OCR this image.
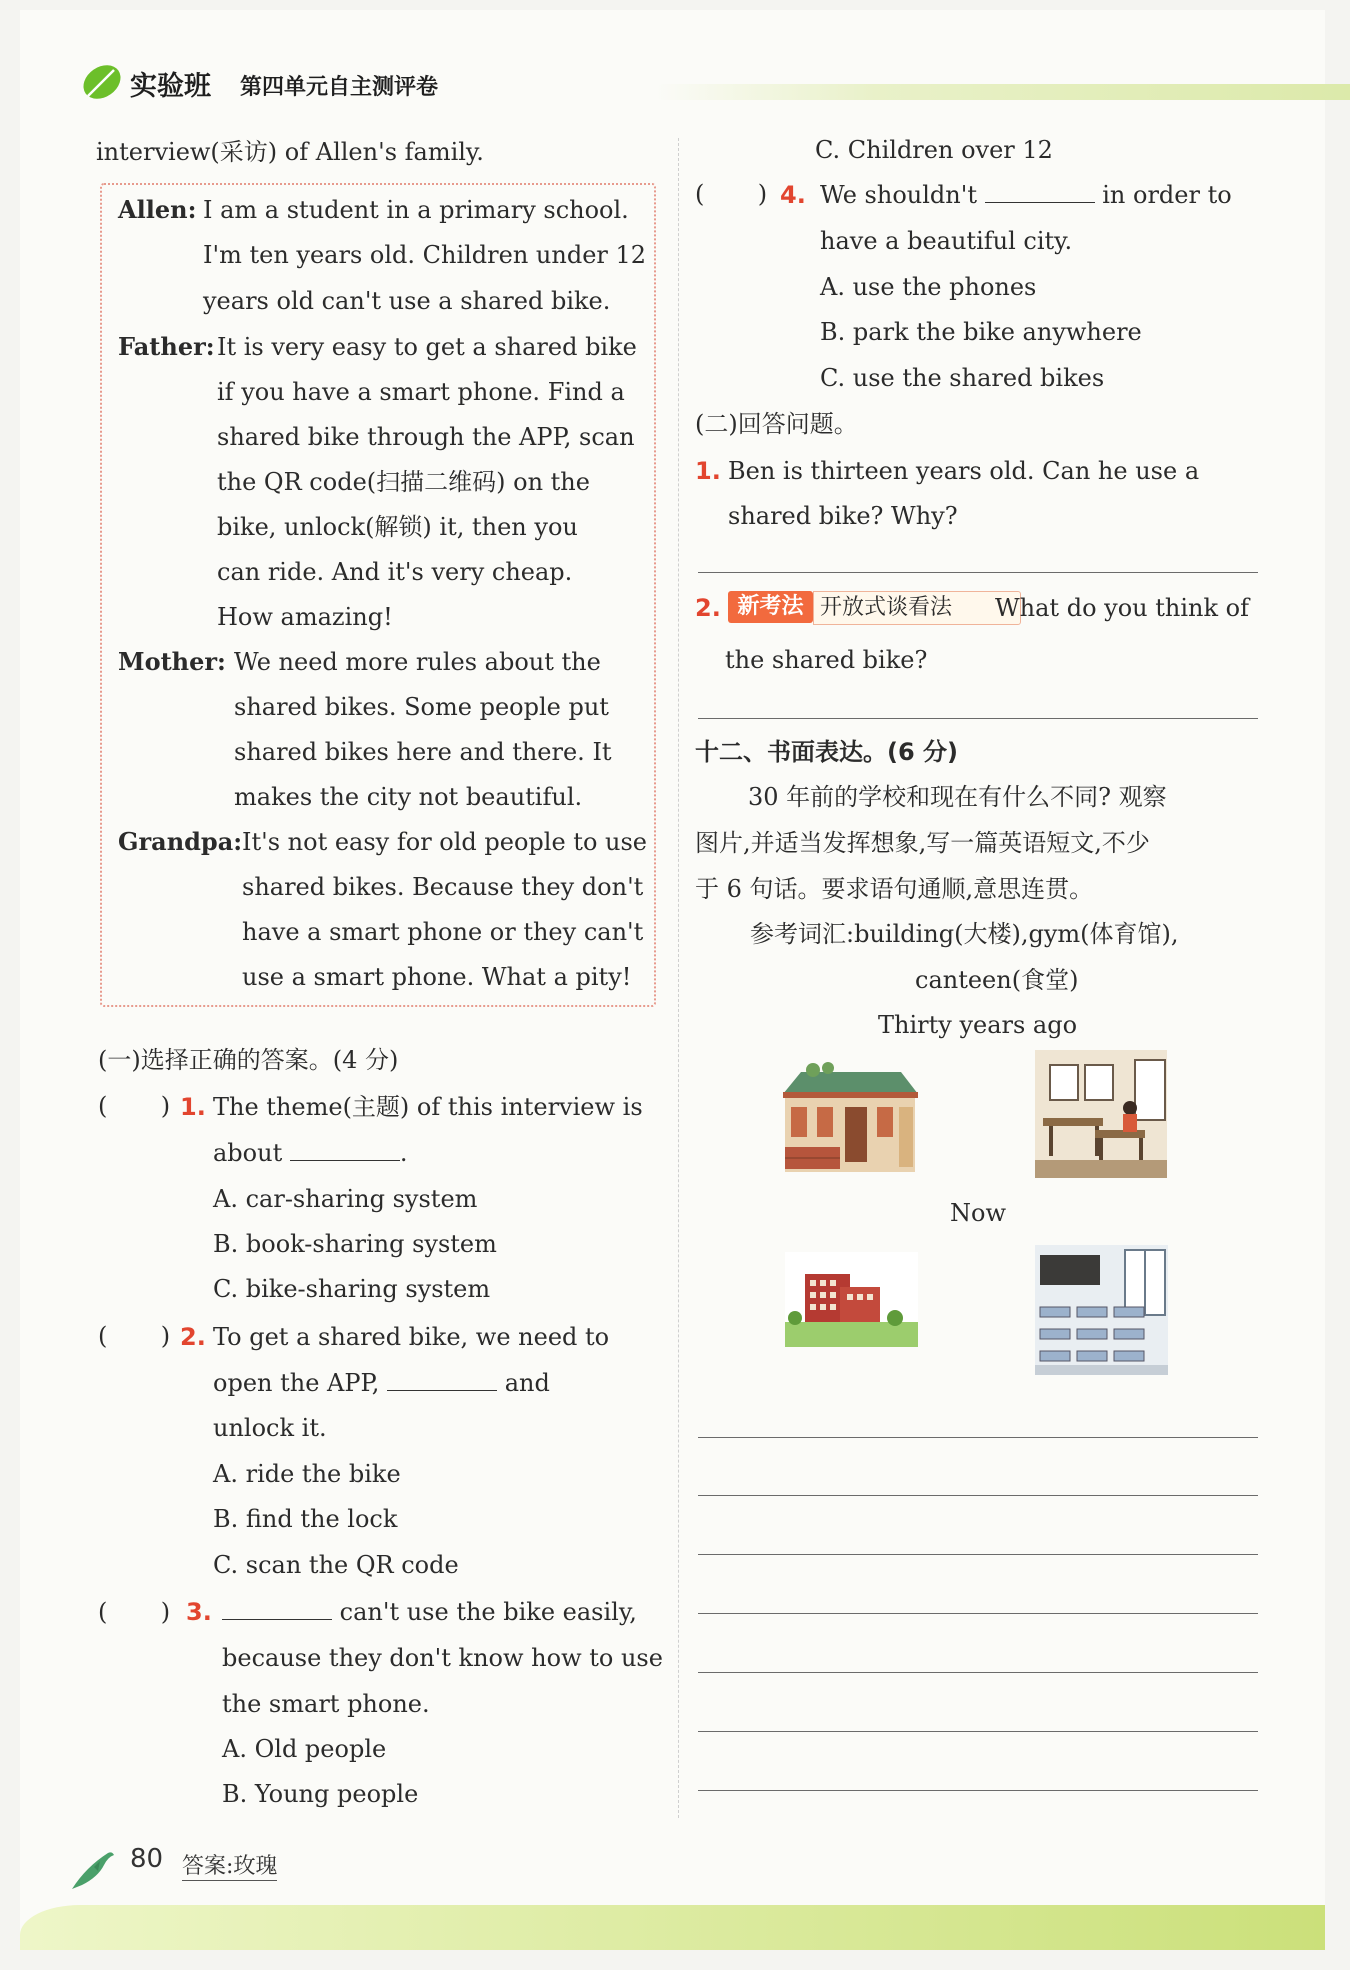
实验班 第四单元自主测评卷
interview(采访) of Allen's family.
Allen: I am a student in a primary school.
I'm ten years old. Children under 12
years old can't use a shared bike.
Father: It is very easy to get a shared bike
if you have a smart phone. Find a
shared bike through the APP, scan
the QR code(扫描二维码) on the
bike, unlock(解锁) it, then you
can ride. And it's very cheap.
How amazing!
Mother: We need more rules about the
shared bikes. Some people put
shared bikes here and there. It
makes the city not beautiful.
Grandpa: It's not easy for old people to use
shared bikes. Because they don't
have a smart phone or they can't
use a smart phone. What a pity!
(一)选择正确的答案。(4 分)
(       ) 1. The theme(主题) of this interview is
about	.
A. car-sharing system
B. book-sharing system
C. bike-sharing system
(       ) 2. To get a shared bike, we need to
open the APP,	and
unlock it.
A. ride the bike
B. find the lock
C. scan the QR code
(       ) 3.	can't use the bike easily,
because they don't know how to use
the smart phone.
A. Old people
B. Young people
C. Children over 12
(       ) 4. We shouldn't	in order to
have a beautiful city.
A. use the phones
B. park the bike anywhere
C. use the shared bikes
(二)回答问题。
1. Ben is thirteen years old. Can he use a
shared bike? Why?
2. 新考法 开放式谈看法	What do you think of
the shared bike?
十二、书面表达。(6 分)
30 年前的学校和现在有什么不同? 观察
图片,并适当发挥想象,写一篇英语短文,不少
于 6 句话。要求语句通顺,意思连贯。
参考词汇:building(大楼),gym(体育馆),
canteen(食堂)
Thirty years ago
Now
80 答案:玫瑰
